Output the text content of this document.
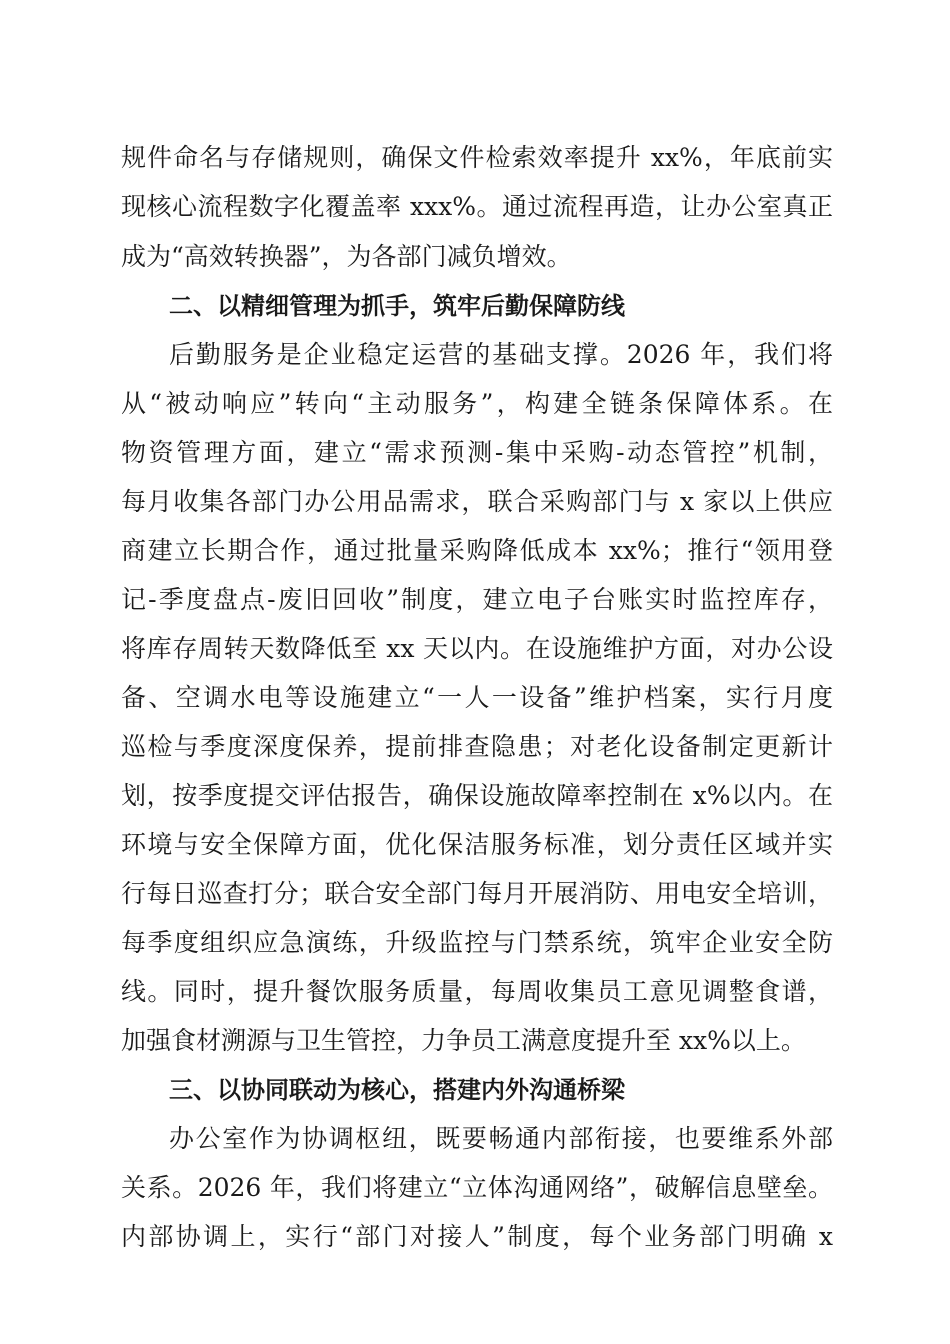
规件命名与存储规则，确保文件检索效率提升 xx%，年底前实
现核心流程数字化覆盖率 xxx%。通过流程再造，让办公室真正
成为“高效转换器”，为各部门减负增效。
二、以精细管理为抓手，筑牢后勤保障防线
后勤服务是企业稳定运营的基础支撑。2026 年，我们将
从“被动响应”转向“主动服务”，构建全链条保障体系。在
物资管理方面，建立“需求预测-集中采购-动态管控”机制，
每月收集各部门办公用品需求，联合采购部门与 x 家以上供应
商建立长期合作，通过批量采购降低成本 xx%；推行“领用登
记-季度盘点-废旧回收”制度，建立电子台账实时监控库存，
将库存周转天数降低至 xx 天以内。在设施维护方面，对办公设
备、空调水电等设施建立“一人一设备”维护档案，实行月度
巡检与季度深度保养，提前排查隐患；对老化设备制定更新计
划，按季度提交评估报告，确保设施故障率控制在 x%以内。在
环境与安全保障方面，优化保洁服务标准，划分责任区域并实
行每日巡查打分；联合安全部门每月开展消防、用电安全培训，
每季度组织应急演练，升级监控与门禁系统，筑牢企业安全防
线。同时，提升餐饮服务质量，每周收集员工意见调整食谱，
加强食材溯源与卫生管控，力争员工满意度提升至 xx%以上。
三、以协同联动为核心，搭建内外沟通桥梁
办公室作为协调枢纽，既要畅通内部衔接，也要维系外部
关系。2026 年，我们将建立“立体沟通网络”，破解信息壁垒。
内部协调上，实行“部门对接人”制度，每个业务部门明确 x
